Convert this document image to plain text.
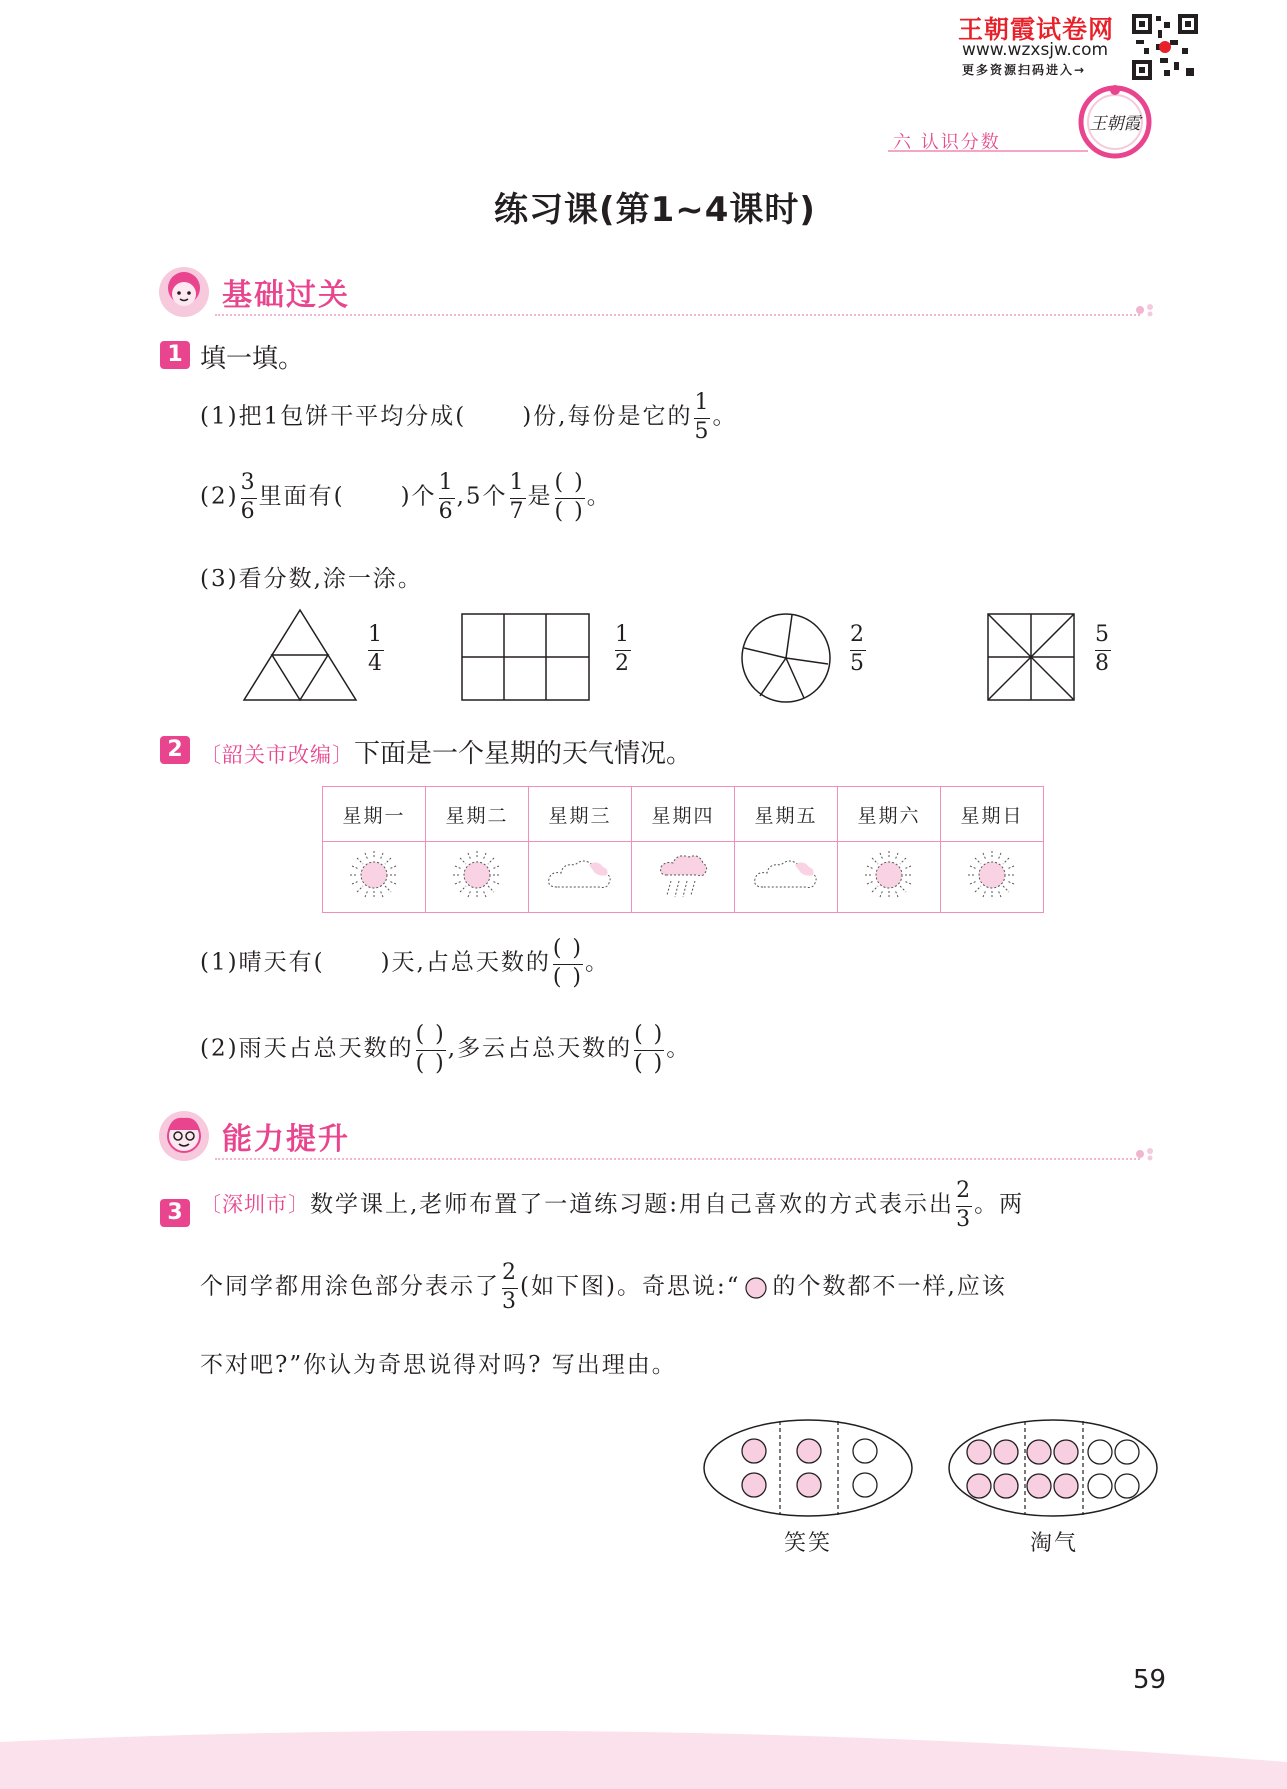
王朝霞试卷网
www.wzxsjw.com
更多资源扫码进入→
王朝霞
六 认识分数
练习课(第1~4课时)
基础过关
1 填一填。
(1)把1包饼干平均分成( )份,每份是它的 $\frac{1}{5}$ 。
$(2) \frac{3}{6}$ 里面有( )个 $\frac{1}{6} ,5$个 $\frac{1}{7}$ 是 $\frac{( )}{( )}$ 。
(3)看分数,涂一涂。
$\frac{1}{4}$	$\frac{1}{2}$	$\frac{2}{5}$	$\frac{5}{8}$
2 〔韶关市改编〕下面是一个星期的天气情况。
星期一	星期二	星期三	星期四	星期五	星期六	星期日

(1)晴天有( )天,占总天数的 $\frac{( )}{( )}$ 。
(2)雨天占总天数的 $\frac{( )}{( )}$ ,多云占总天数的 $\frac{( )}{( )}$ 。
能力提升
3 〔深圳市〕数学课上,老师布置了一道练习题:用自己喜欢的方式表示出 $\frac{2}{3}$ 。两
个同学都用涂色部分表示了 $\frac{2}{3}$ (如下图)。奇思说:“ 的个数都不一样,应该
不对吧?”你认为奇思说得对吗? 写出理由。
笑笑	淘气
59
